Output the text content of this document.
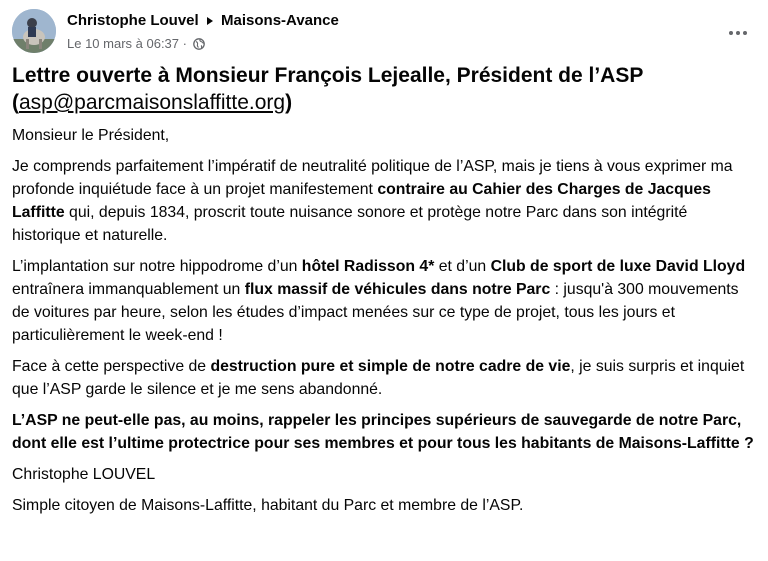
Christophe Louvel Maisons-Avance
Le 10 mars à 06:37 ·
Lettre ouverte à Monsieur François Lejealle, Président de l’ASP
(asp@parcmaisonslaffitte.org)

Monsieur le Président,

Je comprends parfaitement l’impératif de neutralité politique de l’ASP, mais je tiens à vous exprimer ma profonde inquiétude face à un projet manifestement contraire au Cahier des Charges de Jacques Laffitte qui, depuis 1834, proscrit toute nuisance sonore et protège notre Parc dans son intégrité historique et naturelle.

L’implantation sur notre hippodrome d’un hôtel Radisson 4* et d’un Club de sport de luxe David Lloyd entraînera immanquablement un flux massif de véhicules dans notre Parc : jusqu'à 300 mouvements de voitures par heure, selon les études d’impact menées sur ce type de projet, tous les jours et particulièrement le week-end !

Face à cette perspective de destruction pure et simple de notre cadre de vie, je suis surpris et inquiet que l’ASP garde le silence et je me sens abandonné.

L’ASP ne peut-elle pas, au moins, rappeler les principes supérieurs de sauvegarde de notre Parc, dont elle est l’ultime protectrice pour ses membres et pour tous les habitants de Maisons-Laffitte ?

Christophe LOUVEL

Simple citoyen de Maisons-Laffitte, habitant du Parc et membre de l’ASP.
